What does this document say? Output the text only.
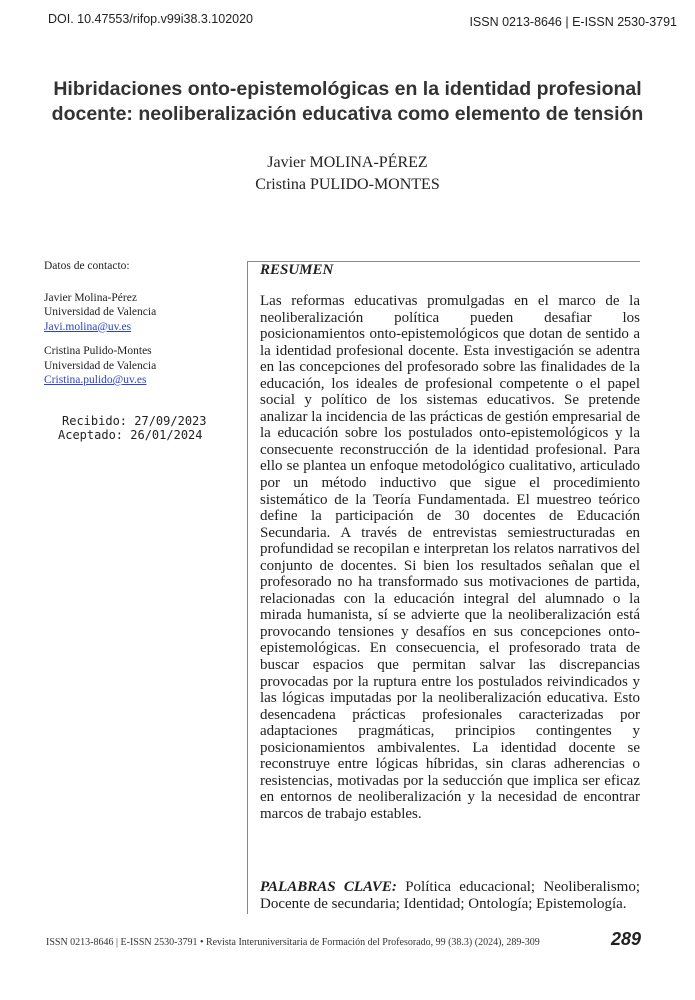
DOI. 10.47553/rifop.v99i38.3.102020	ISSN 0213-8646 | E-ISSN 2530-3791
Hibridaciones onto-epistemológicas en la identidad profesional
docente: neoliberalización educativa como elemento de tensión
Javier MOLINA-PÉREZ
Cristina PULIDO-MONTES
Datos de contacto:
Javier Molina-Pérez
Universidad de Valencia
Javi.molina@uv.es
Cristina Pulido-Montes
Universidad de Valencia
Cristina.pulido@uv.es
Recibido: 27/09/2023
Aceptado: 26/01/2024
RESUMEN

Las reformas educativas promulgadas en el marco de la neoliberalización política pueden desafiar los posicionamientos onto-epistemológicos que dotan de sentido a la identidad profesional docente. Esta investigación se adentra en las concepciones del profesorado sobre las finalidades de la educación, los ideales de profesional competente o el papel social y político de los sistemas educativos. Se pretende analizar la incidencia de las prácticas de gestión empresarial de la educación sobre los postulados onto-epistemológicos y la consecuente reconstrucción de la identidad profesional. Para ello se plantea un enfoque metodológico cualitativo, articulado por un método inductivo que sigue el procedimiento sistemático de la Teoría Fundamentada. El muestreo teórico define la participación de 30 docentes de Educación Secundaria. A través de entrevistas semiestructuradas en profundidad se recopilan e interpretan los relatos narrativos del conjunto de docentes. Si bien los resultados señalan que el profesorado no ha transformado sus motivaciones de partida, relacionadas con la educación integral del alumnado o la mirada humanista, sí se advierte que la neoliberalización está provocando tensiones y desafíos en sus concepciones onto-epistemológicas. En consecuencia, el profesorado trata de buscar espacios que permitan salvar las discrepancias provocadas por la ruptura entre los postulados reivindicados y las lógicas imputadas por la neoliberalización educativa. Esto desencadena prácticas profesionales caracterizadas por adaptaciones pragmáticas, principios contingentes y posicionamientos ambivalentes. La identidad docente se reconstruye entre lógicas híbridas, sin claras adherencias o resistencias, motivadas por la seducción que implica ser eficaz en entornos de neoliberalización y la necesidad de encontrar marcos de trabajo estables.

PALABRAS CLAVE: Política educacional; Neoliberalismo; Docente de secundaria; Identidad; Ontología; Epistemología.

ISSN 0213-8646 | E-ISSN 2530-3791 • Revista Interuniversitaria de Formación del Profesorado, 99 (38.3) (2024), 289-309	289
